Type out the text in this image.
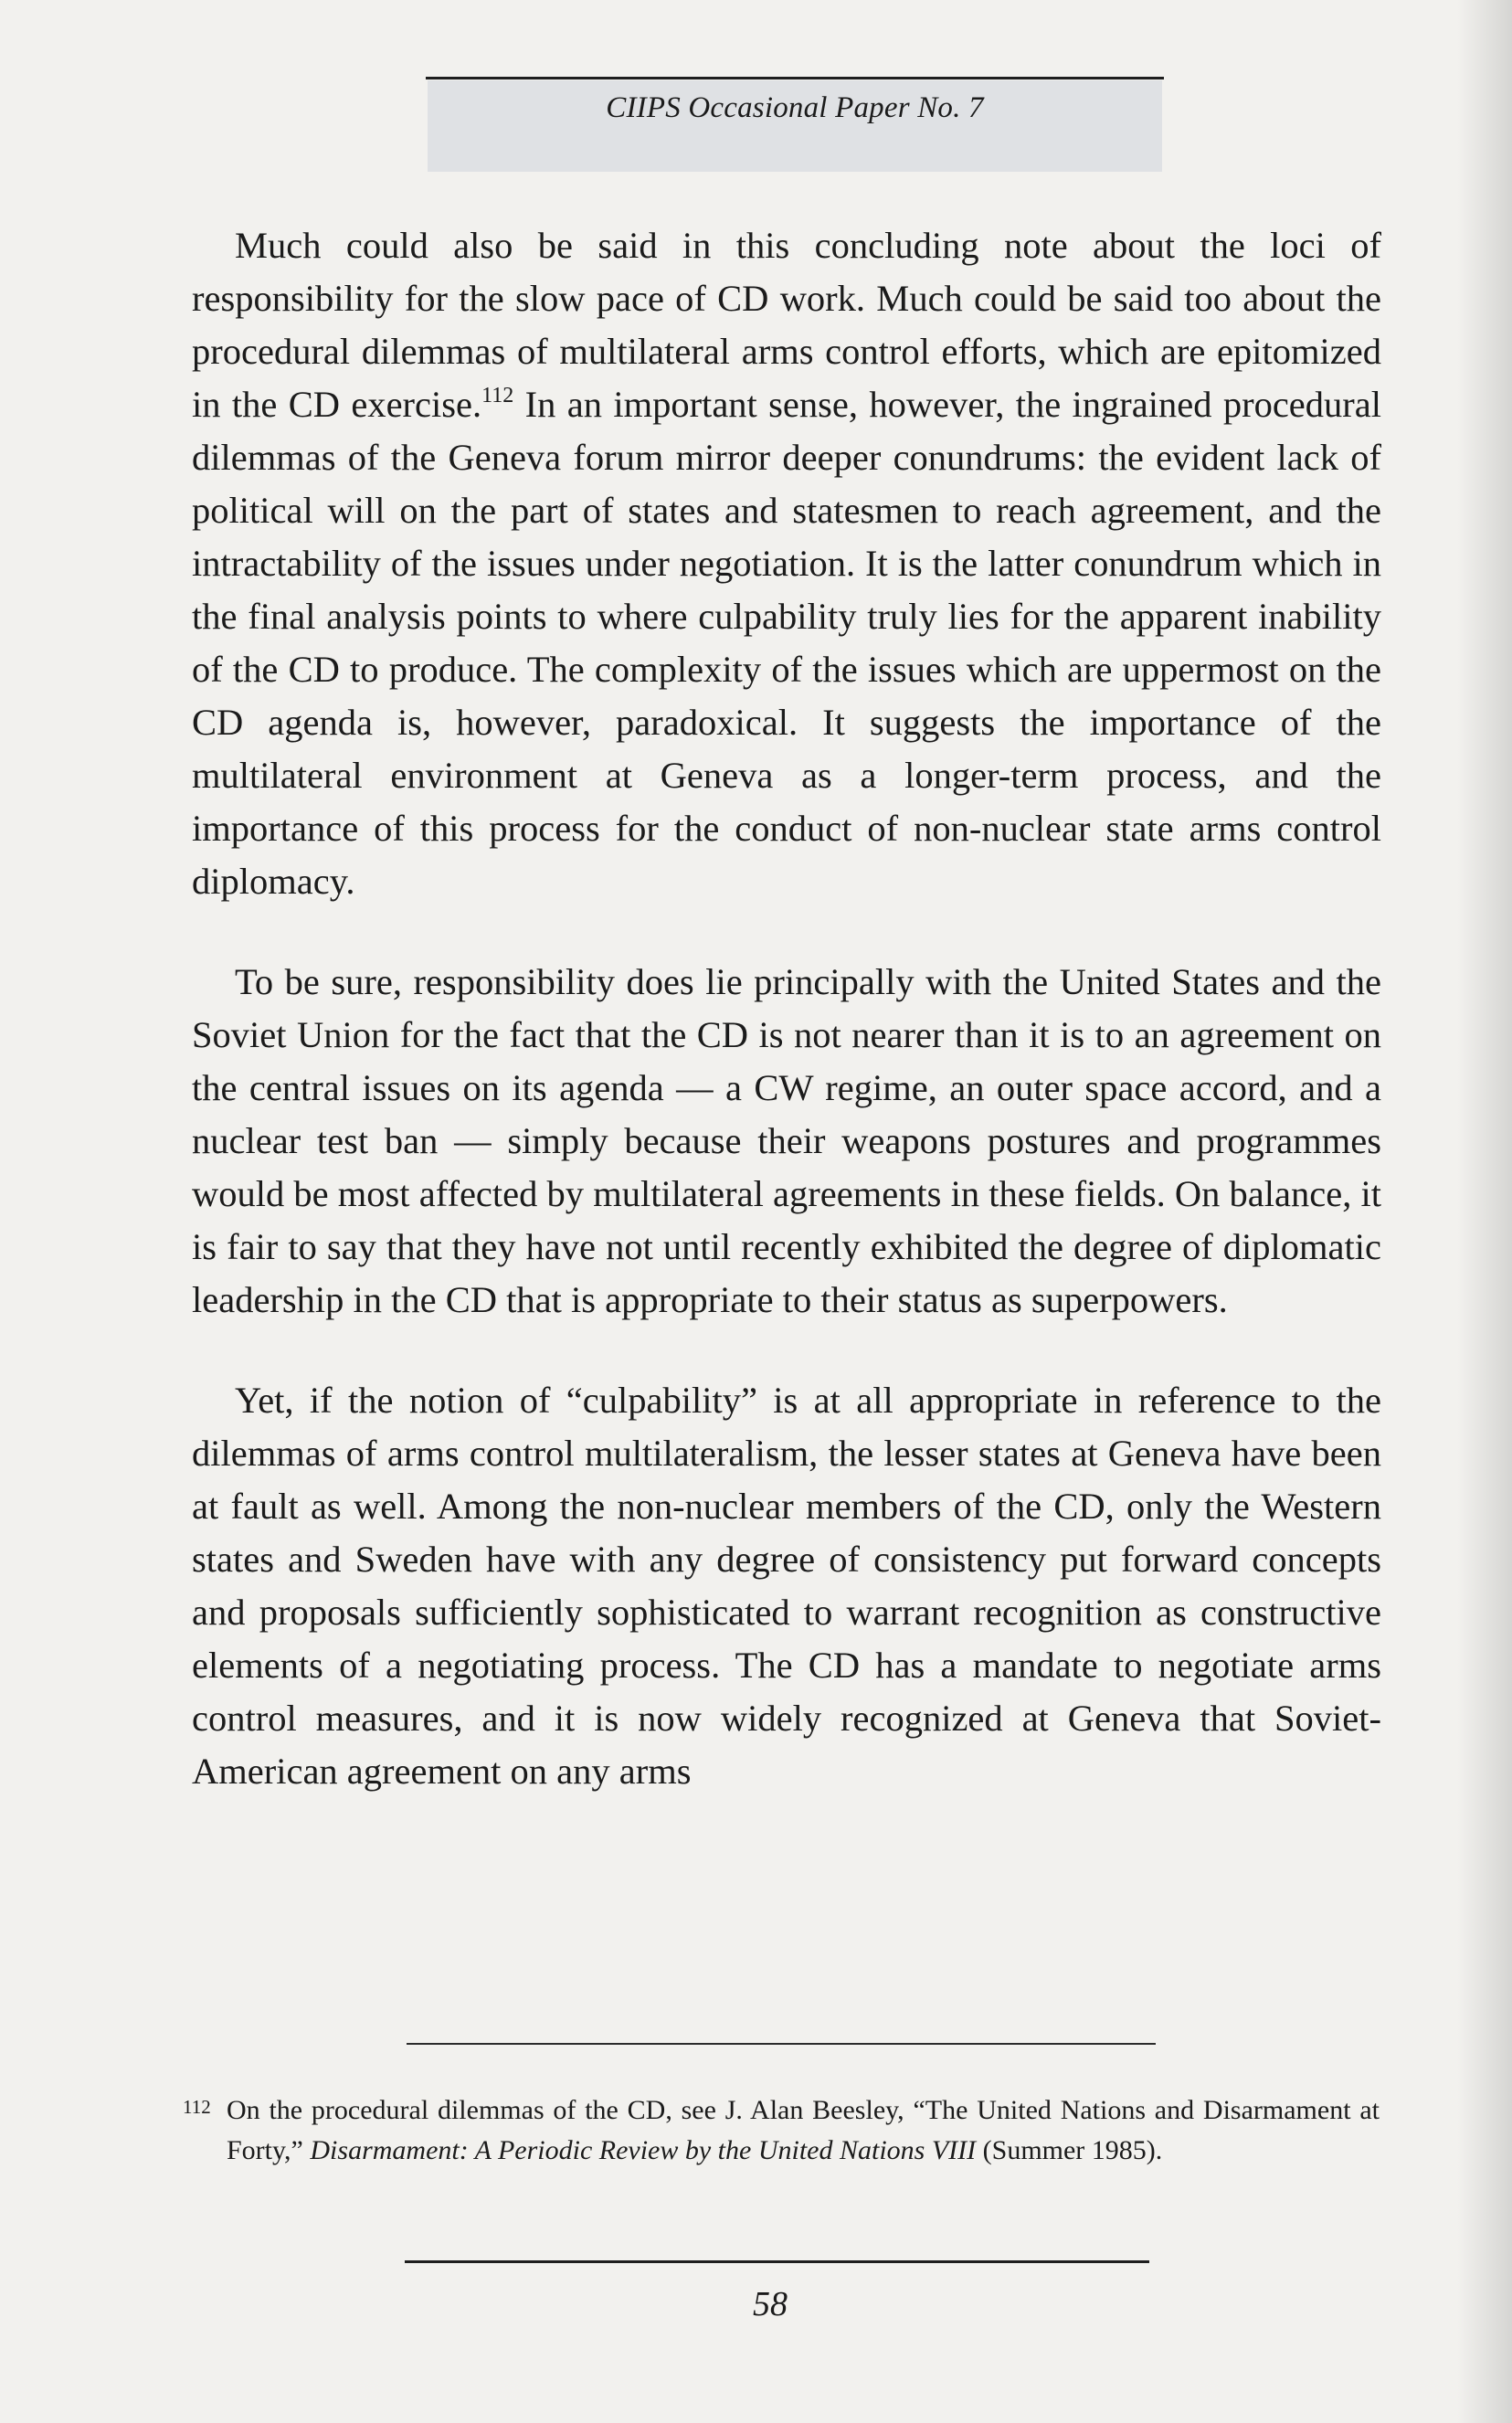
CIIPS Occasional Paper No. 7

Much could also be said in this concluding note about the loci of responsibility for the slow pace of CD work. Much could be said too about the procedural dilemmas of multilateral arms control efforts, which are epitomized in the CD exercise.$^{112}$ In an important sense, however, the ingrained procedural dilemmas of the Geneva forum mirror deeper conundrums: the evident lack of political will on the part of states and statesmen to reach agreement, and the intractability of the issues under negotiation. It is the latter conundrum which in the final analysis points to where culpability truly lies for the apparent inability of the CD to produce. The complexity of the issues which are uppermost on the CD agenda is, however, paradoxical. It suggests the importance of the multilateral environment at Geneva as a longer-term process, and the importance of this process for the conduct of non-nuclear state arms control diplomacy.

To be sure, responsibility does lie principally with the United States and the Soviet Union for the fact that the CD is not nearer than it is to an agreement on the central issues on its agenda — a CW regime, an outer space accord, and a nuclear test ban — simply because their weapons postures and programmes would be most affected by multilateral agreements in these fields. On balance, it is fair to say that they have not until recently exhibited the degree of diplomatic leadership in the CD that is appropriate to their status as superpowers.

Yet, if the notion of “culpability” is at all appropriate in reference to the dilemmas of arms control multilateralism, the lesser states at Geneva have been at fault as well. Among the non-nuclear members of the CD, only the Western states and Sweden have with any degree of consistency put forward concepts and proposals sufficiently sophisticated to warrant recognition as constructive elements of a negotiating process. The CD has a mandate to negotiate arms control measures, and it is now widely recognized at Geneva that Soviet-American agreement on any arms

112 On the procedural dilemmas of the CD, see J. Alan Beesley, “The United Nations and Disarmament at Forty,” Disarmament: A Periodic Review by the United Nations VIII (Summer 1985).
58
